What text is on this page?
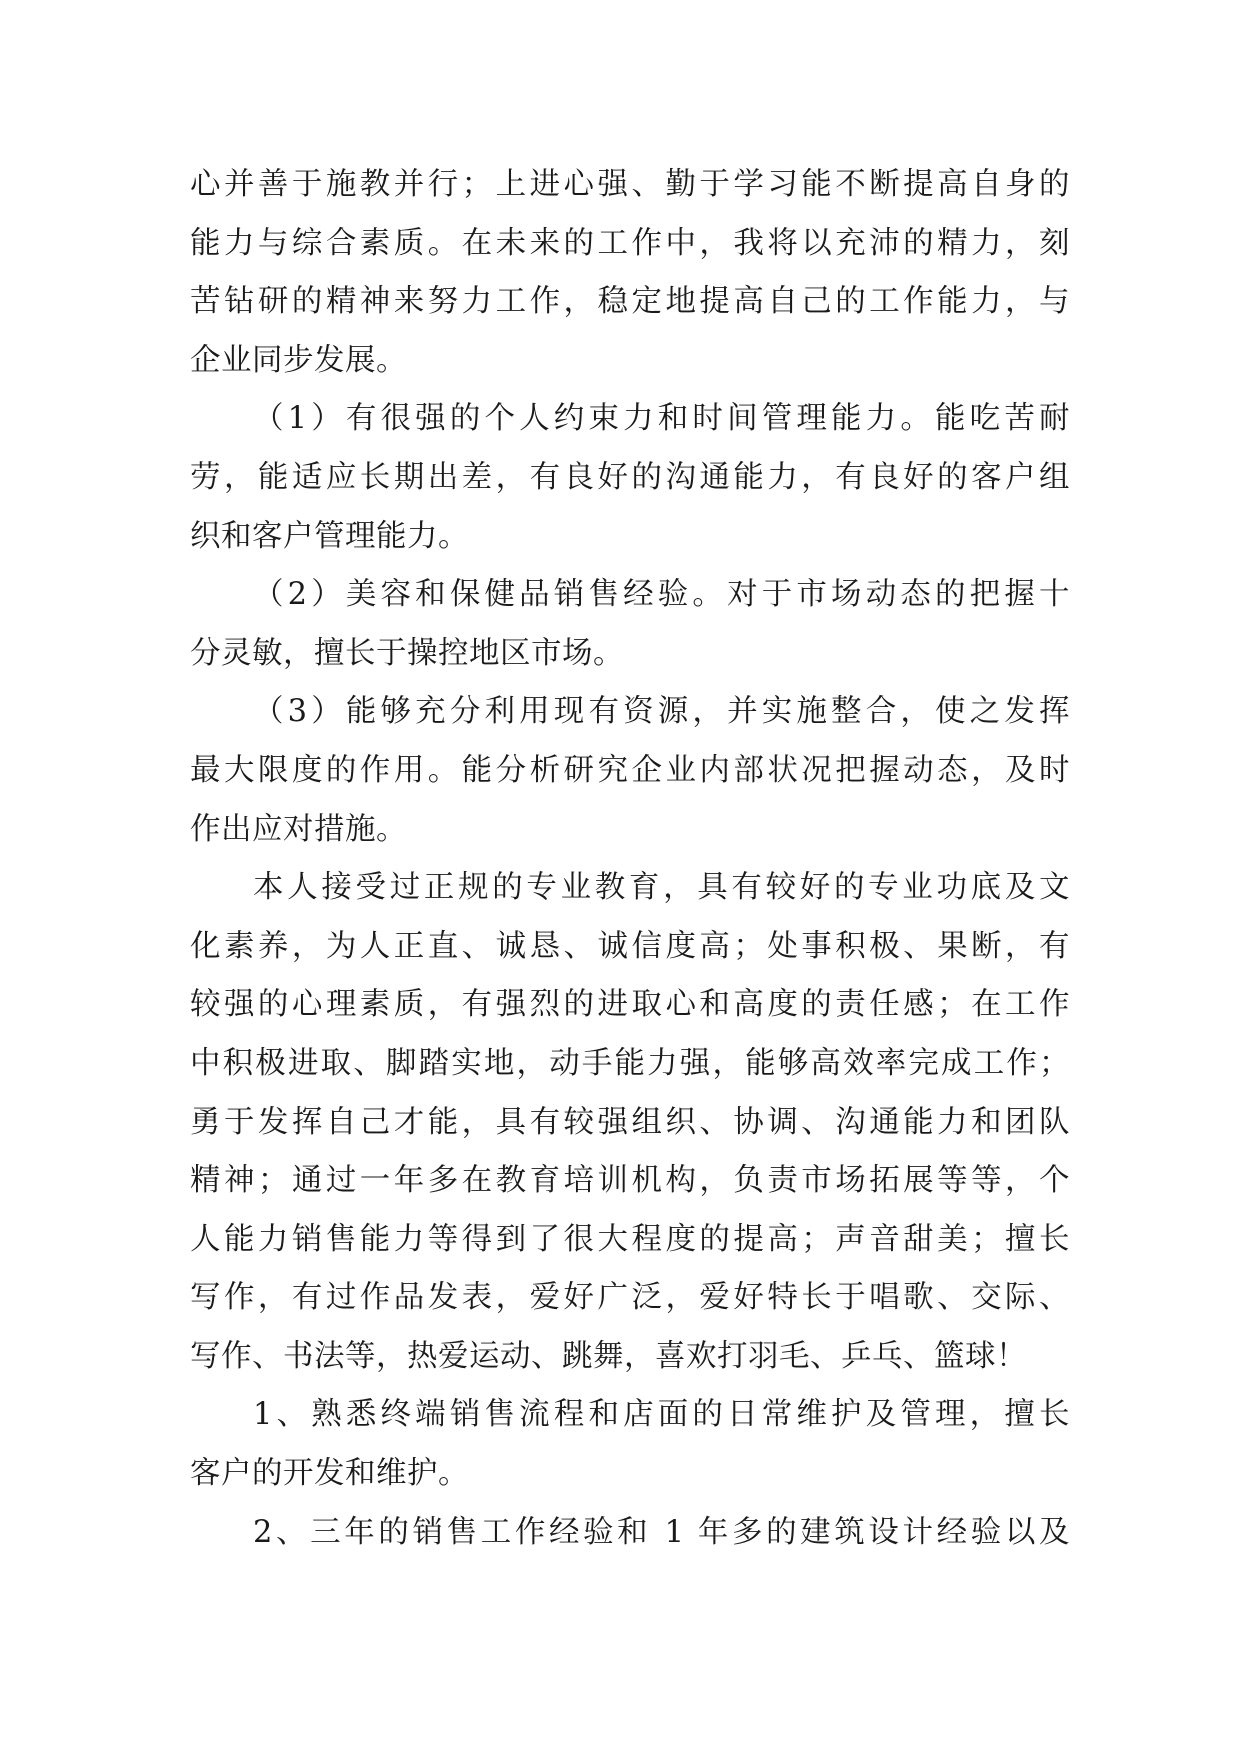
心并善于施教并行；上进心强、勤于学习能不断提高自身的
能力与综合素质。在未来的工作中，我将以充沛的精力，刻
苦钻研的精神来努力工作，稳定地提高自己的工作能力，与
企业同步发展。

（1）有很强的个人约束力和时间管理能力。能吃苦耐
劳，能适应长期出差，有良好的沟通能力，有良好的客户组
织和客户管理能力。

（2）美容和保健品销售经验。对于市场动态的把握十
分灵敏，擅长于操控地区市场。

（3）能够充分利用现有资源，并实施整合，使之发挥
最大限度的作用。能分析研究企业内部状况把握动态，及时
作出应对措施。

本人接受过正规的专业教育，具有较好的专业功底及文
化素养，为人正直、诚恳、诚信度高；处事积极、果断，有
较强的心理素质，有强烈的进取心和高度的责任感；在工作
中积极进取、脚踏实地，动手能力强，能够高效率完成工作；
勇于发挥自己才能，具有较强组织、协调、沟通能力和团队
精神；通过一年多在教育培训机构，负责市场拓展等等，个
人能力销售能力等得到了很大程度的提高；声音甜美；擅长
写作，有过作品发表，爱好广泛，爱好特长于唱歌、交际、
写作、书法等，热爱运动、跳舞，喜欢打羽毛、乒乓、篮球！

1、熟悉终端销售流程和店面的日常维护及管理，擅长
客户的开发和维护。

2、三年的销售工作经验和 1 年多的建筑设计经验以及
